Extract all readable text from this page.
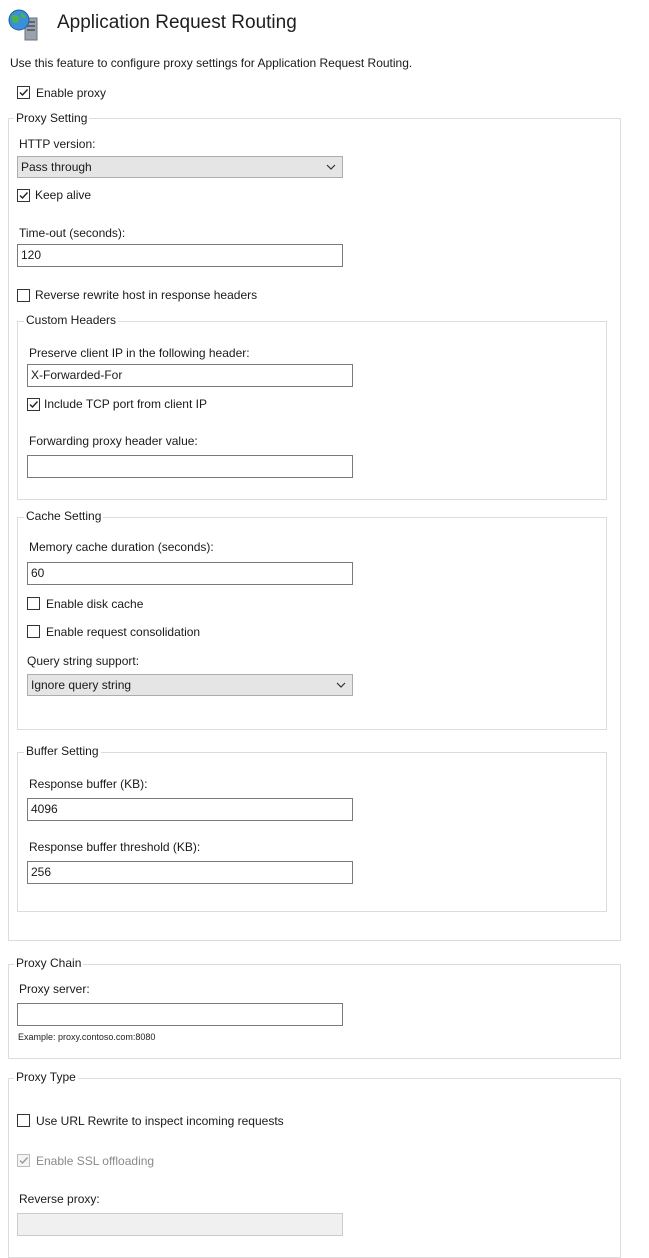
Application Request Routing
Use this feature to configure proxy settings for Application Request Routing.
Enable proxy
Proxy Setting
HTTP version:
Pass through
Keep alive
Time-out (seconds):
120
Reverse rewrite host in response headers
Custom Headers
Preserve client IP in the following header:
X-Forwarded-For
Include TCP port from client IP
Forwarding proxy header value:
Cache Setting
Memory cache duration (seconds):
60
Enable disk cache
Enable request consolidation
Query string support:
Ignore query string
Buffer Setting
Response buffer (KB):
4096
Response buffer threshold (KB):
256
Proxy Chain
Proxy server:
Example: proxy.contoso.com:8080
Proxy Type
Use URL Rewrite to inspect incoming requests
Enable SSL offloading
Reverse proxy:
